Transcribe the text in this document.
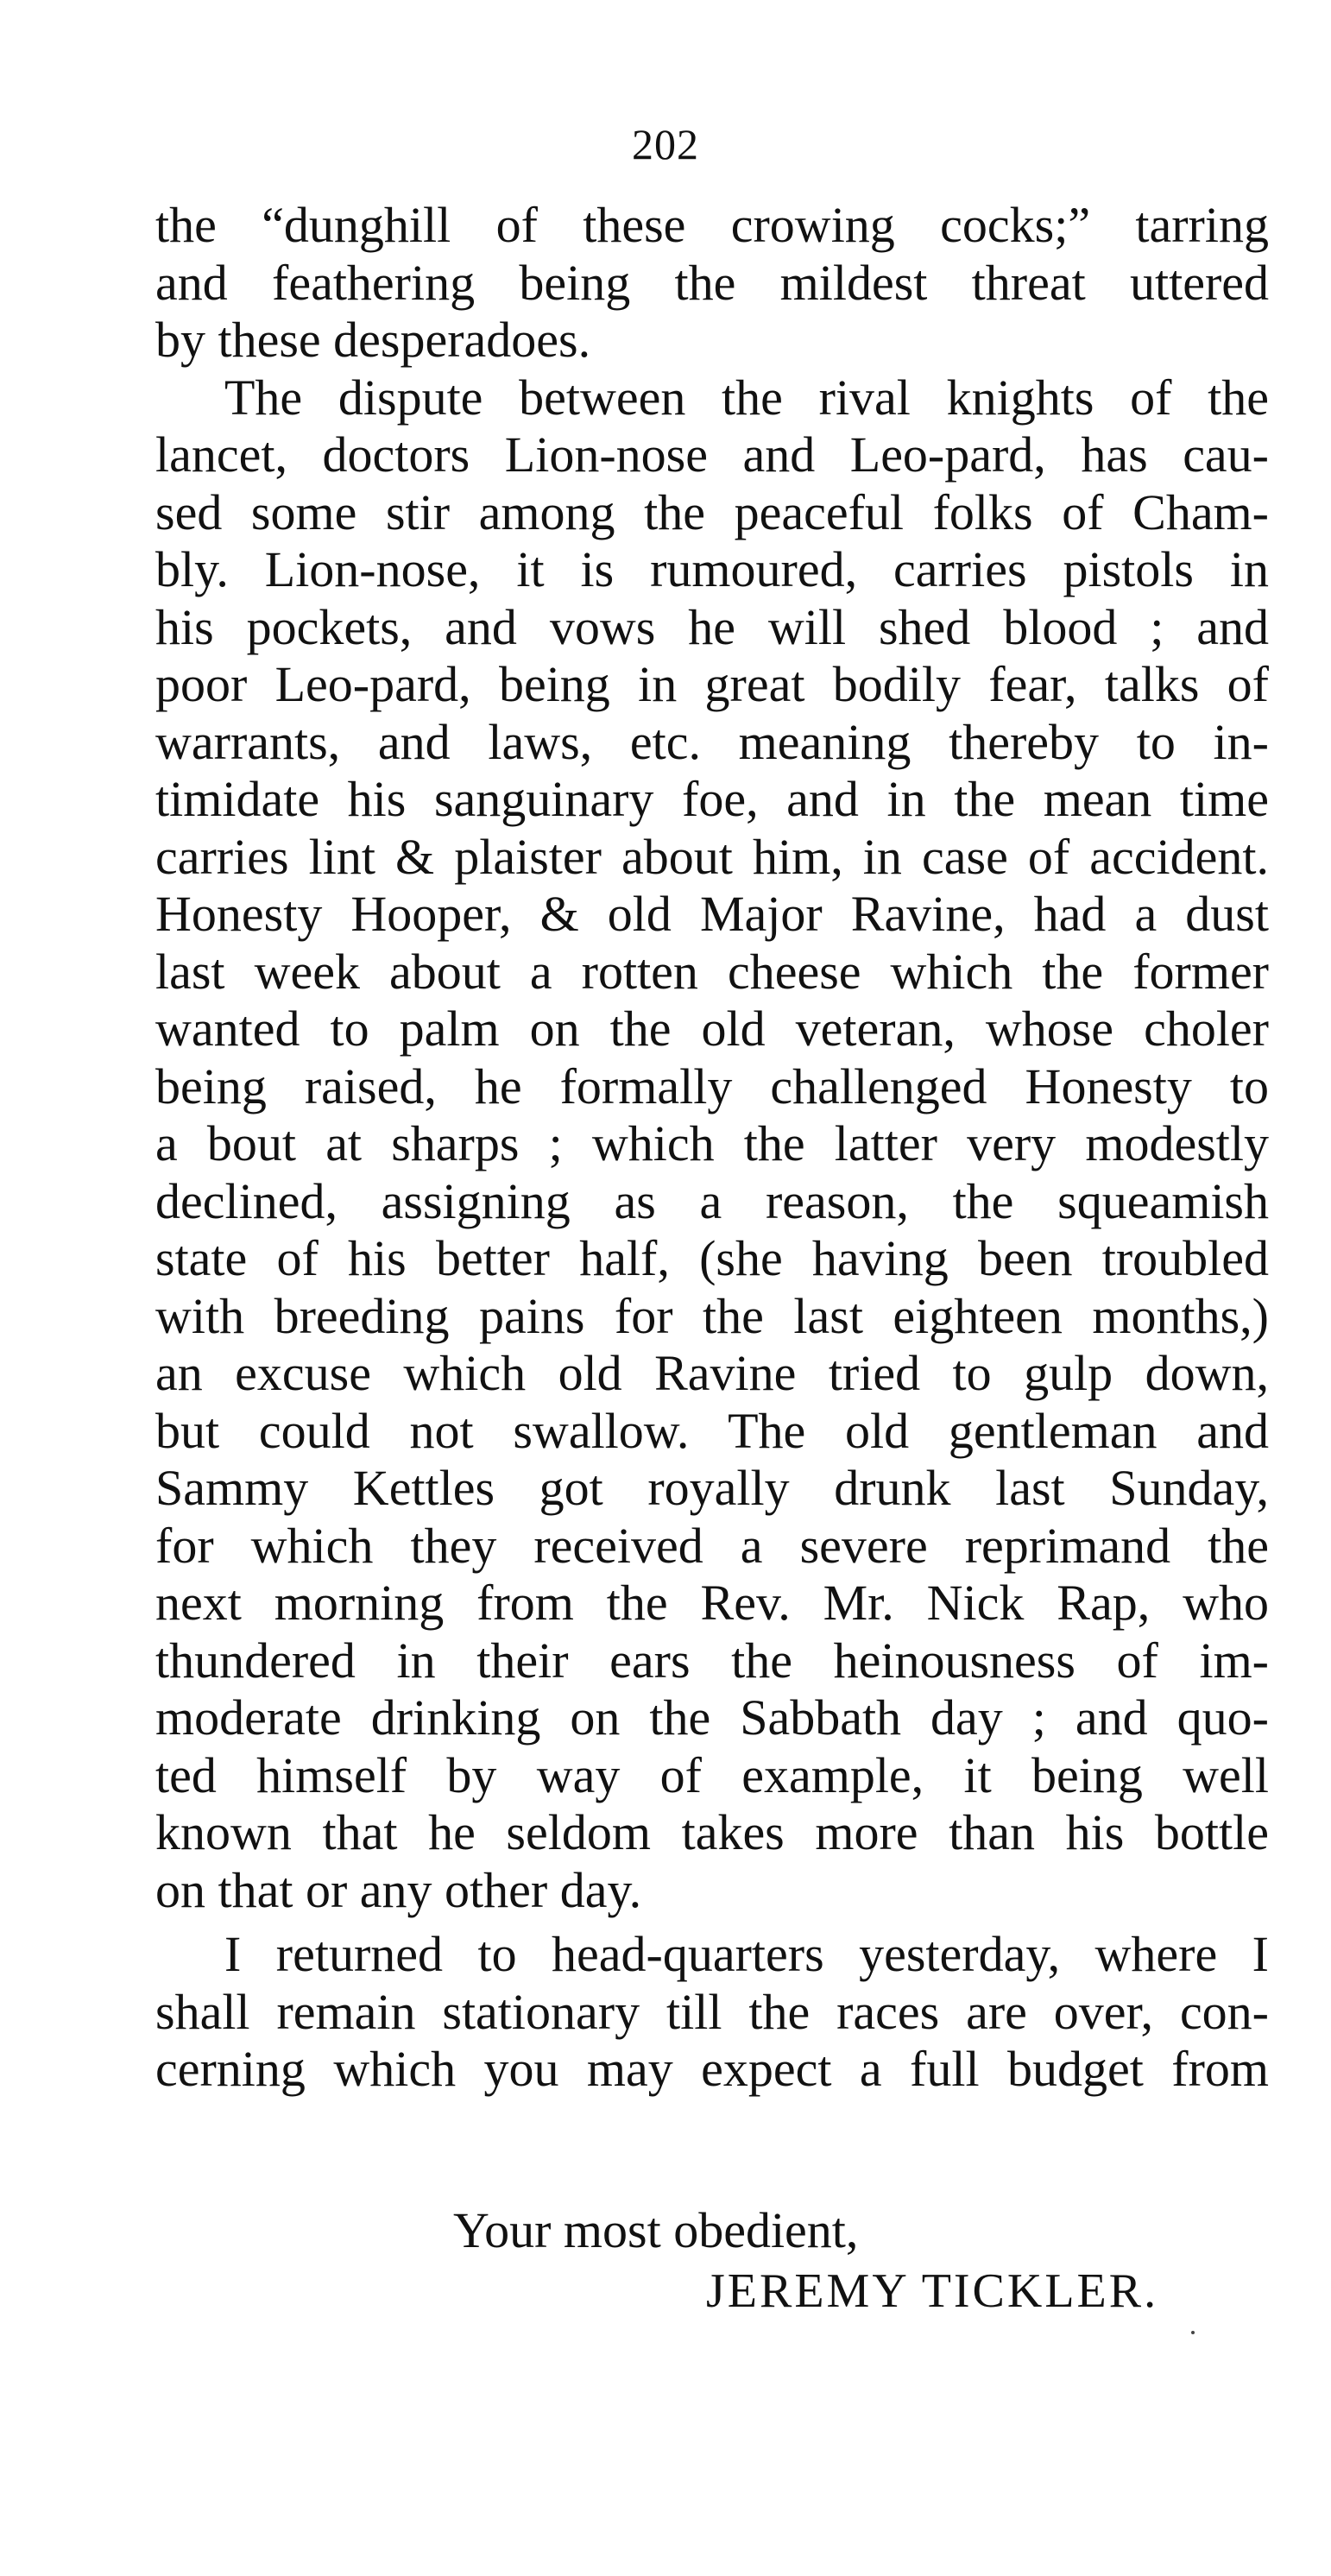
202
the “dunghill of these crowing cocks;” tarring
and feathering being the mildest threat uttered
by these desperadoes.
The dispute between the rival knights of the
lancet, doctors Lion-nose and Leo-pard, has cau-
sed some stir among the peaceful folks of Cham-
bly. Lion-nose, it is rumoured, carries pistols in
his pockets, and vows he will shed blood ; and
poor Leo-pard, being in great bodily fear, talks of
warrants, and laws, etc. meaning thereby to in-
timidate his sanguinary foe, and in the mean time
carries lint & plaister about him, in case of accident.
Honesty Hooper, & old Major Ravine, had a dust
last week about a rotten cheese which the former
wanted to palm on the old veteran, whose choler
being raised, he formally challenged Honesty to
a bout at sharps ; which the latter very modestly
declined, assigning as a reason, the squeamish
state of his better half, (she having been troubled
with breeding pains for the last eighteen months,)
an excuse which old Ravine tried to gulp down,
but could not swallow. The old gentleman and
Sammy Kettles got royally drunk last Sunday,
for which they received a severe reprimand the
next morning from the Rev. Mr. Nick Rap, who
thundered in their ears the heinousness of im-
moderate drinking on the Sabbath day ; and quo-
ted himself by way of example, it being well
known that he seldom takes more than his bottle
on that or any other day.
I returned to head-quarters yesterday, where I
shall remain stationary till the races are over, con-
cerning which you may expect a full budget from
Your most obedient,
JEREMY TICKLER.
